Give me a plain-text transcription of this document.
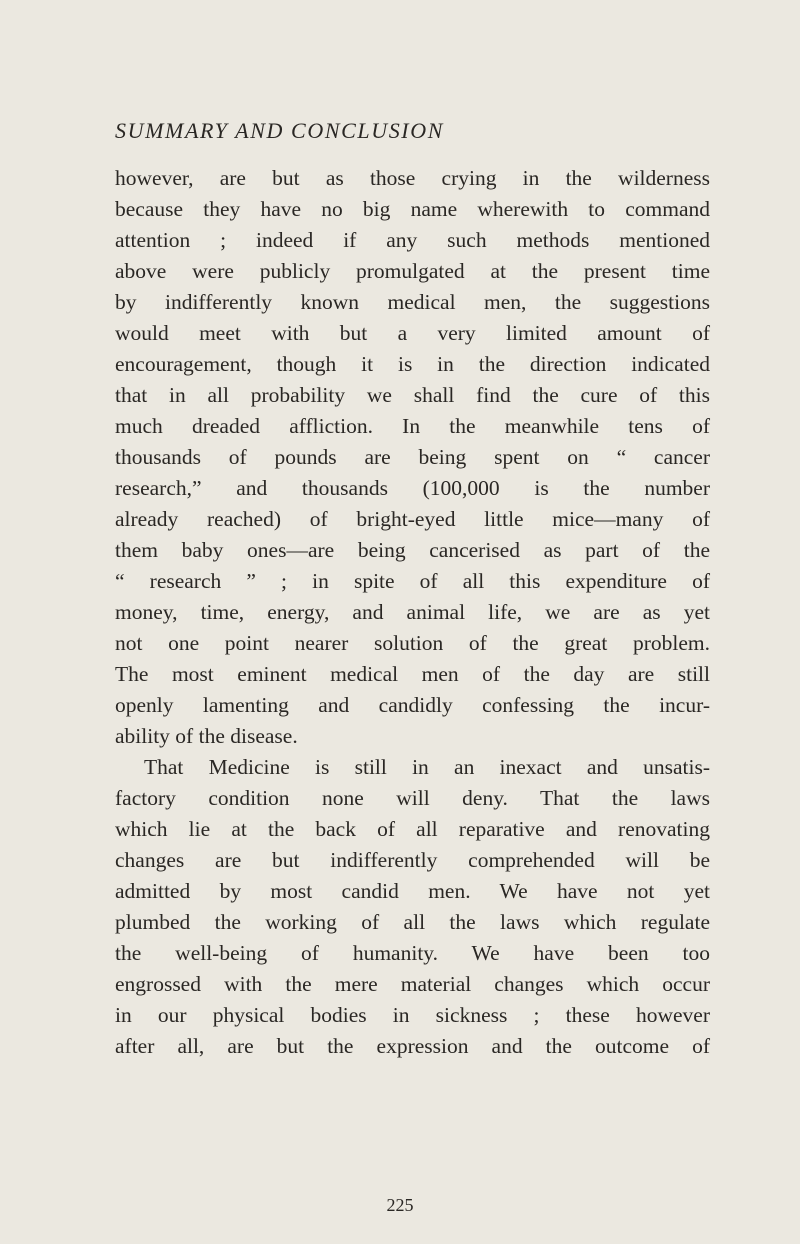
SUMMARY AND CONCLUSION
however, are but as those crying in the wilderness
because they have no big name wherewith to command
attention ; indeed if any such methods mentioned
above were publicly promulgated at the present time
by indifferently known medical men, the suggestions
would meet with but a very limited amount of
encouragement, though it is in the direction indicated
that in all probability we shall find the cure of this
much dreaded affliction. In the meanwhile tens of
thousands of pounds are being spent on “ cancer
research,” and thousands (100,000 is the number
already reached) of bright-eyed little mice—many of
them baby ones—are being cancerised as part of the
“ research ” ; in spite of all this expenditure of
money, time, energy, and animal life, we are as yet
not one point nearer solution of the great problem.
The most eminent medical men of the day are still
openly lamenting and candidly confessing the incur-
ability of the disease.
That Medicine is still in an inexact and unsatis-
factory condition none will deny. That the laws
which lie at the back of all reparative and renovating
changes are but indifferently comprehended will be
admitted by most candid men. We have not yet
plumbed the working of all the laws which regulate
the well-being of humanity. We have been too
engrossed with the mere material changes which occur
in our physical bodies in sickness ; these however
after all, are but the expression and the outcome of
225
